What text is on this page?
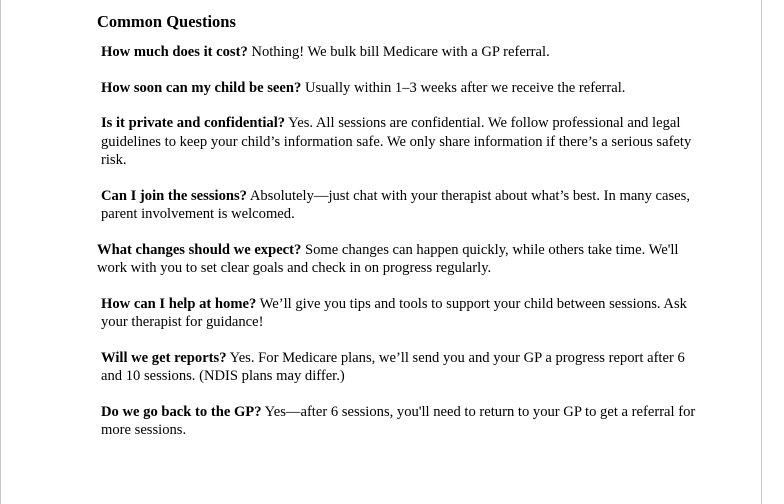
Common Questions

How much does it cost? Nothing! We bulk bill Medicare with a GP referral.

How soon can my child be seen? Usually within 1–3 weeks after we receive the referral.

Is it private and confidential? Yes. All sessions are confidential. We follow professional and legal guidelines to keep your child’s information safe. We only share information if there’s a serious safety risk.

Can I join the sessions? Absolutely—just chat with your therapist about what’s best. In many cases, parent involvement is welcomed.

What changes should we expect? Some changes can happen quickly, while others take time. We'll work with you to set clear goals and check in on progress regularly.

How can I help at home? We’ll give you tips and tools to support your child between sessions. Ask your therapist for guidance!

Will we get reports? Yes. For Medicare plans, we’ll send you and your GP a progress report after 6 and 10 sessions. (NDIS plans may differ.)

Do we go back to the GP? Yes—after 6 sessions, you'll need to return to your GP to get a referral for more sessions.
